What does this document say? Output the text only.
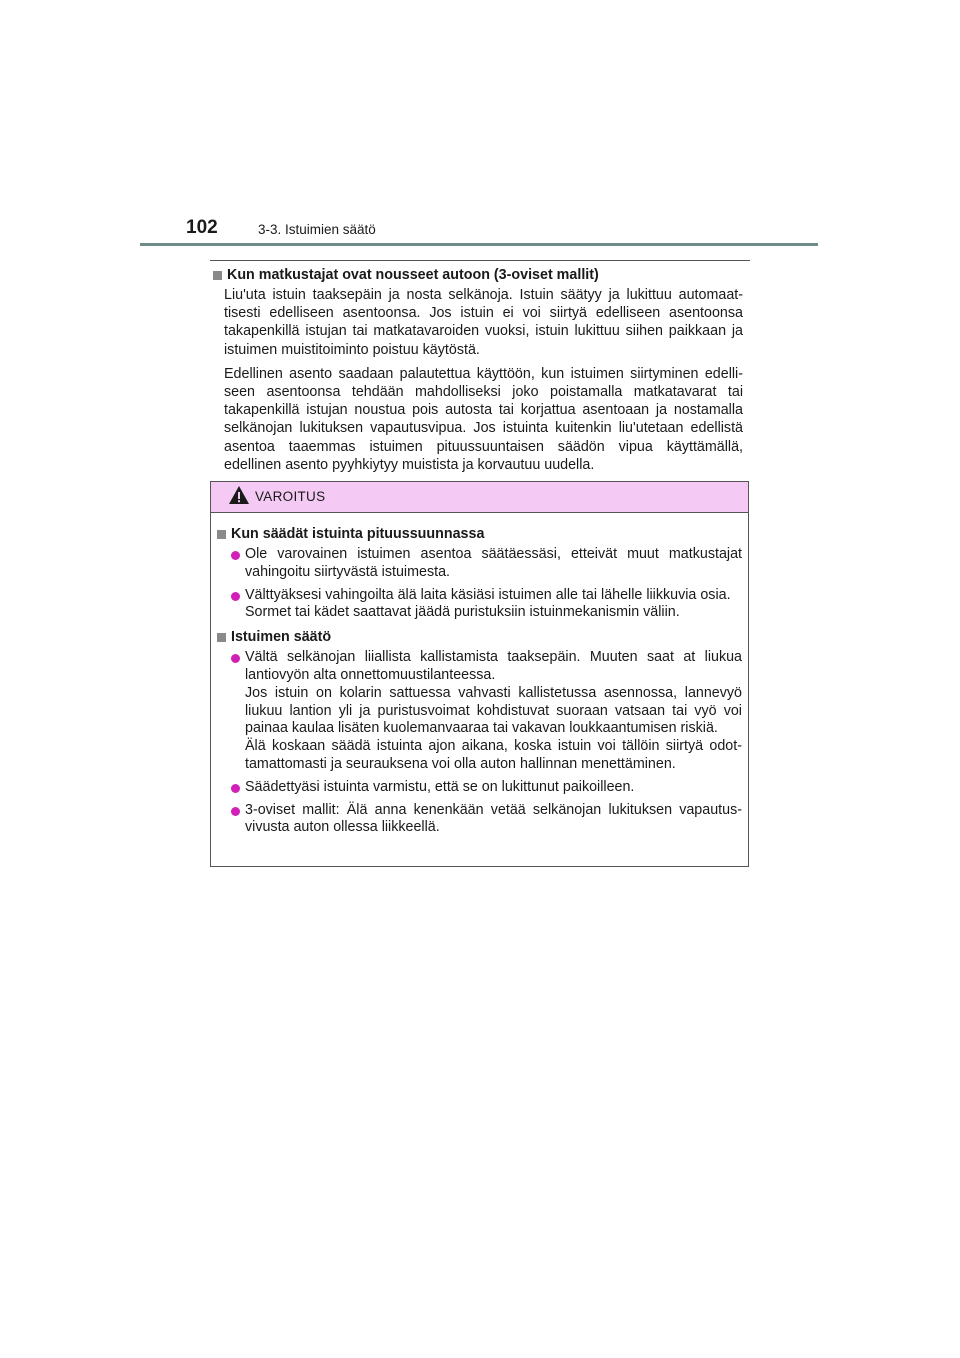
102	3-3. Istuimien säätö

Kun matkustajat ovat nousseet autoon (3-oviset mallit)

Liu'uta istuin taaksepäin ja nosta selkänoja. Istuin säätyy ja lukittuu automaat-tisesti edelliseen asentoonsa. Jos istuin ei voi siirtyä edelliseen asentoonsa takapenkillä istujan tai matkatavaroiden vuoksi, istuin lukittuu siihen paikkaan ja istuimen muistitoiminto poistuu käytöstä.

Edellinen asento saadaan palautettua käyttöön, kun istuimen siirtyminen edelli-seen asentoonsa tehdään mahdolliseksi joko poistamalla matkatavarat tai takapenkillä istujan noustua pois autosta tai korjattua asentoaan ja nostamalla selkänojan lukituksen vapautusvipua. Jos istuinta kuitenkin liu'utetaan edellistä asentoa taaemmas istuimen pituussuuntaisen säädön vipua käyttämällä, edellinen asento pyyhkiytyy muistista ja korvautuu uudella.

VAROITUS

Kun säädät istuinta pituussuunnassa

Ole varovainen istuimen asentoa säätäessäsi, etteivät muut matkustajat vahingoitu siirtyvästä istuimesta.
Välttyäksesi vahingoilta älä laita käsiäsi istuimen alle tai lähelle liikkuvia osia.
Sormet tai kädet saattavat jäädä puristuksiin istuinmekanismin väliin.

Istuimen säätö

Vältä selkänojan liiallista kallistamista taaksepäin. Muuten saat at liukua lantiovyön alta onnettomuustilanteessa.
Jos istuin on kolarin sattuessa vahvasti kallistetussa asennossa, lannevyö liukuu lantion yli ja puristusvoimat kohdistuvat suoraan vatsaan tai vyö voi painaa kaulaa lisäten kuolemanvaaraa tai vakavan loukkaantumisen riskiä.
Älä koskaan säädä istuinta ajon aikana, koska istuin voi tällöin siirtyä odot-tamattomasti ja seurauksena voi olla auton hallinnan menettäminen.
Säädettyäsi istuinta varmistu, että se on lukittunut paikoilleen.
3-oviset mallit: Älä anna kenenkään vetää selkänojan lukituksen vapautus-vivusta auton ollessa liikkeellä.
